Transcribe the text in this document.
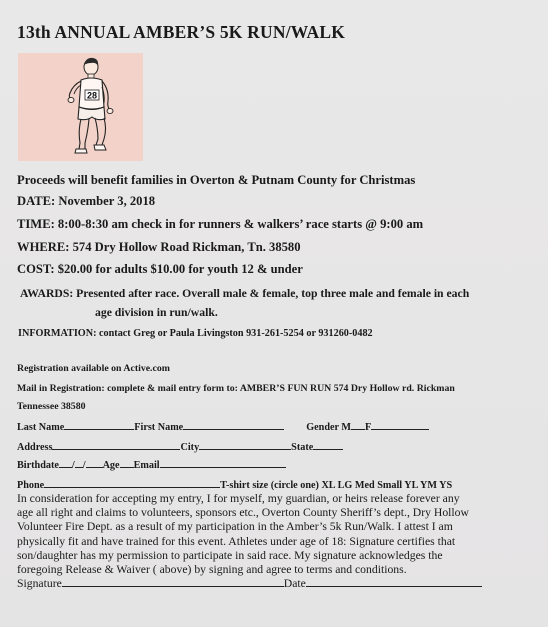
13th ANNUAL AMBER’S 5K RUN/WALK
28
Proceeds will benefit families in Overton & Putnam County for Christmas
DATE: November 3, 2018
TIME: 8:00-8:30 am check in for runners & walkers’ race starts @ 9:00 am
WHERE: 574 Dry Hollow Road Rickman, Tn. 38580
COST: $20.00 for adults $10.00 for youth 12 & under
AWARDS: Presented after race. Overall male & female, top three male and female in each
age division in run/walk.
INFORMATION: contact Greg or Paula Livingston 931-261-5254 or 931260-0482
Registration available on Active.com
Mail in Registration: complete & mail entry form to: AMBER’S FUN RUN 574 Dry Hollow rd. Rickman
Tennessee 38580
Last Name	First Name	Gender M F
Address	City	State
Birthdate / / Age Email
Phone	T-shirt size (circle one) XL LG Med Small YL YM YS
In consideration for accepting my entry, I for myself, my guardian, or heirs release forever any
age all right and claims to volunteers, sponsors etc., Overton County Sheriff’s dept., Dry Hollow
Volunteer Fire Dept. as a result of my participation in the Amber’s 5k Run/Walk. I attest I am
physically fit and have trained for this event. Athletes under age of 18: Signature certifies that
son/daughter has my permission to participate in said race. My signature acknowledges the
foregoing Release & Waiver ( above) by signing and agree to terms and conditions.
Signature	Date
